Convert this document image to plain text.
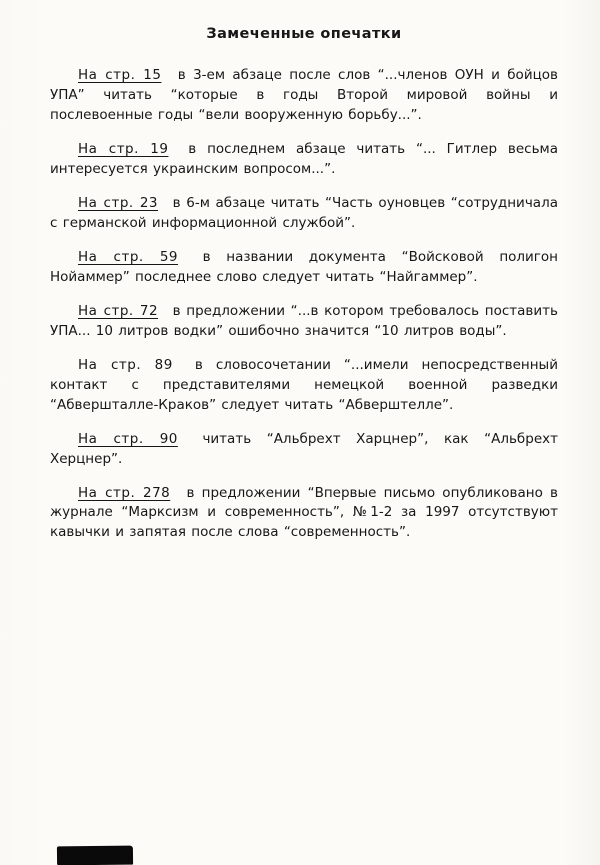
Замеченные опечатки

На стр. 15 в 3-ем абзаце после слов “...членов ОУН и бойцов УПА” читать “которые в годы Второй мировой войны и послевоенные годы “вели вооруженную борьбу...”.

На стр. 19 в последнем абзаце читать “... Гитлер весьма интересуется украинским вопросом...”.

На стр. 23 в 6-м абзаце читать “Часть оуновцев “сотрудничала с германской информационной службой”.

На стр. 59 в названии документа “Войсковой полигон Нойаммер” последнее слово следует читать “Найгаммер”.

На стр. 72 в предложении “...в котором требовалось поставить УПА... 10 литров водки” ошибочно значится “10 литров воды”.

На стр. 89 в словосочетании “...имели непосредственный контакт с представителями немецкой военной разведки “Абвершталле-Краков” следует читать “Абверштелле”.

На стр. 90 читать “Альбрехт Харцнер”, как “Альбрехт Херцнер”.

На стр. 278 в предложении “Впервые письмо опубликовано в журнале “Марксизм и современность”, №1-2 за 1997 отсутствуют кавычки и запятая после слова “современность”.
